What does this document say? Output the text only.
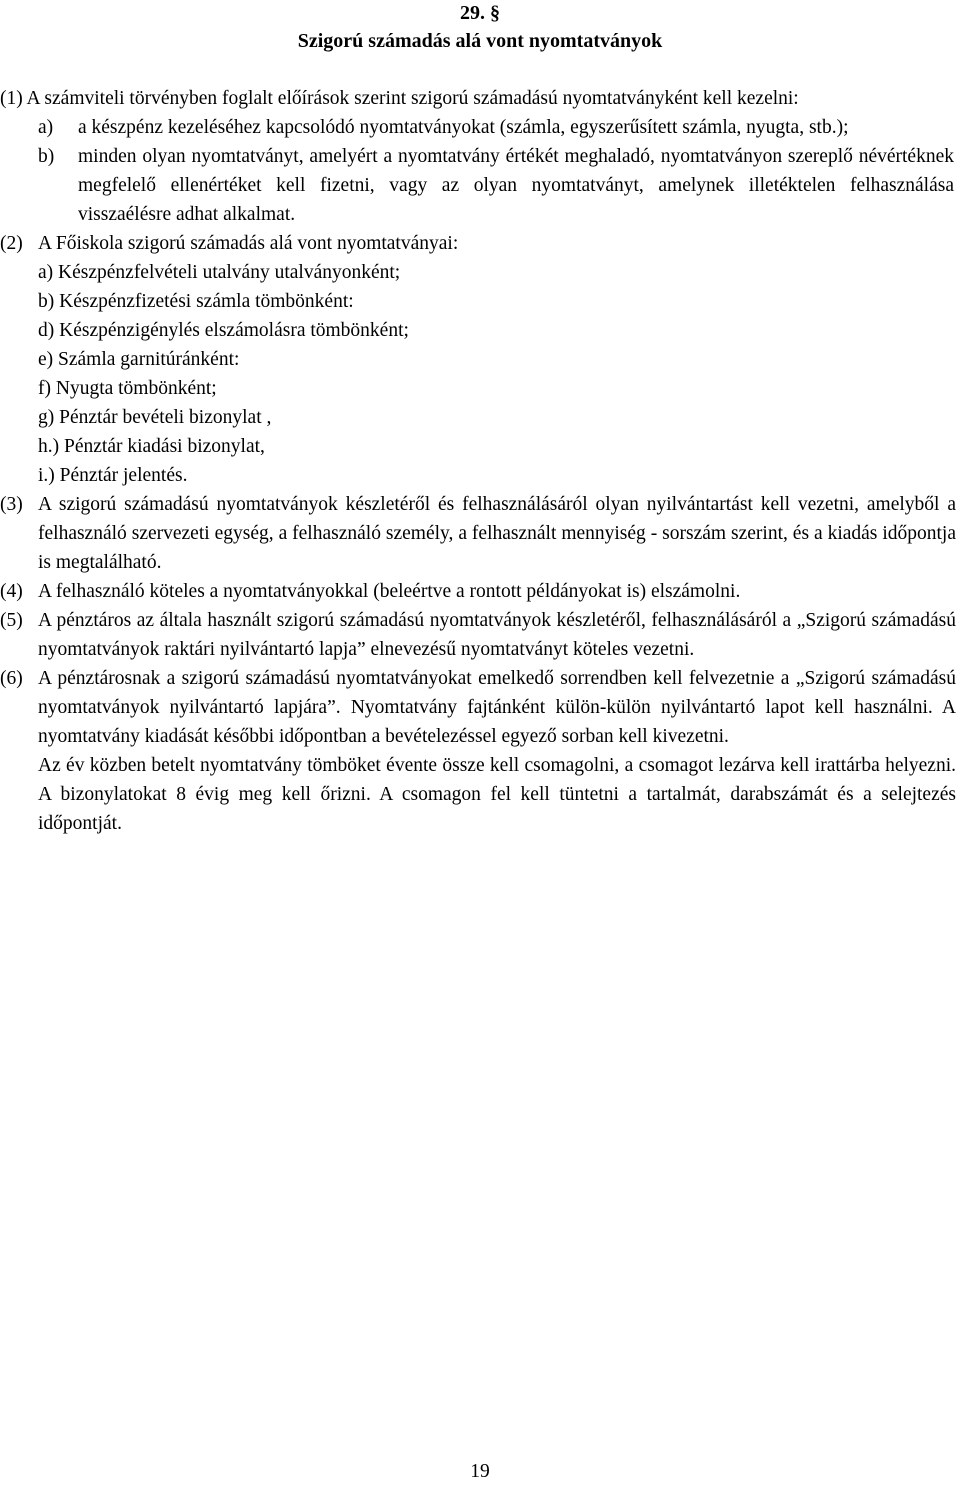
29. §
Szigorú számadás alá vont nyomtatványok
(1) A számviteli törvényben foglalt előírások szerint szigorú számadású nyomtatványként kell kezelni:
a) a készpénz kezeléséhez kapcsolódó nyomtatványokat (számla, egyszerűsített számla, nyugta, stb.);
b) minden olyan nyomtatványt, amelyért a nyomtatvány értékét meghaladó, nyomtatványon szereplő névértéknek megfelelő ellenértéket kell fizetni, vagy az olyan nyomtatványt, amelynek illetéktelen felhasználása visszaélésre adhat alkalmat.
(2) A Főiskola szigorú számadás alá vont nyomtatványai:
a) Készpénzfelvételi utalvány utalványonként;
b) Készpénzfizetési számla tömbönként:
d) Készpénzigénylés elszámolásra tömbönként;
e) Számla garnitúránként:
f) Nyugta tömbönként;
g) Pénztár bevételi bizonylat ,
h.) Pénztár kiadási bizonylat,
i.) Pénztár jelentés.
(3) A szigorú számadású nyomtatványok készletéről és felhasználásáról olyan nyilvántartást kell vezetni, amelyből a felhasználó szervezeti egység, a felhasználó személy, a felhasznált mennyiség - sorszám szerint, és a kiadás időpontja is megtalálható.
(4) A felhasználó köteles a nyomtatványokkal (beleértve a rontott példányokat is) elszámolni.
(5) A pénztáros az általa használt szigorú számadású nyomtatványok készletéről, felhasználásáról a „Szigorú számadású nyomtatványok raktári nyilvántartó lapja” elnevezésű nyomtatványt köteles vezetni.
(6) A pénztárosnak a szigorú számadású nyomtatványokat emelkedő sorrendben kell felvezetnie a „Szigorú számadású nyomtatványok nyilvántartó lapjára”. Nyomtatvány fajtánként külön-külön nyilvántartó lapot kell használni. A nyomtatvány kiadását későbbi időpontban a bevételezéssel egyező sorban kell kivezetni.
Az év közben betelt nyomtatvány tömböket évente össze kell csomagolni, a csomagot lezárva kell irattárba helyezni. A bizonylatokat 8 évig meg kell őrizni. A csomagon fel kell tüntetni a tartalmát, darabszámát és a selejtezés időpontját.
19
